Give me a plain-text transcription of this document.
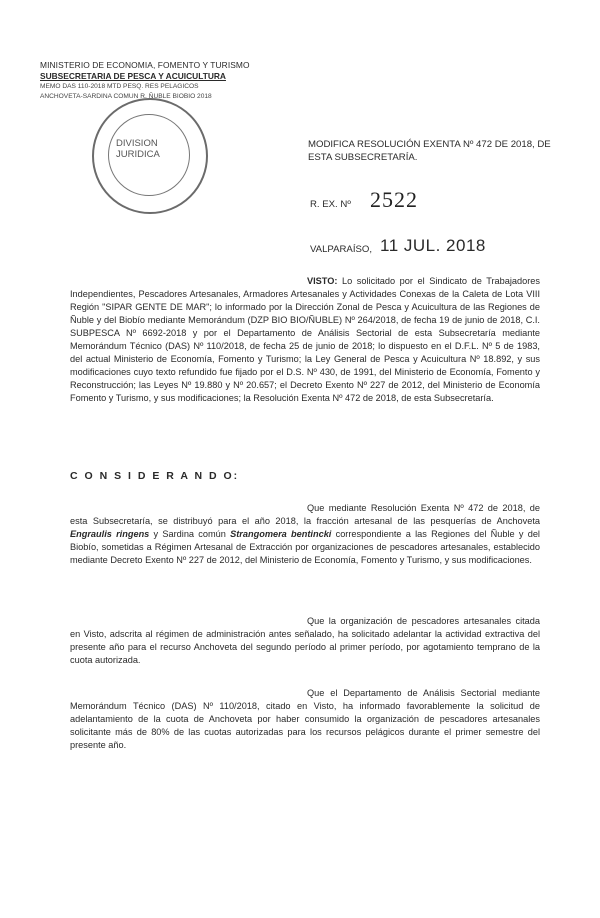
MINISTERIO DE ECONOMIA, FOMENTO Y TURISMO
SUBSECRETARIA DE PESCA Y ACUICULTURA
MEMO DAS 110-2018 MTD PESQ. RES PELAGICOS
ANCHOVETA-SARDINA COMUN R. ÑUBLE BIOBIO 2018
DIVISION
JURIDICA
MODIFICA RESOLUCIÓN EXENTA Nº 472 DE 2018, DE ESTA SUBSECRETARÍA.
R. EX. Nº 2522
VALPARAÍSO, 11 JUL. 2018
VISTO: Lo solicitado por el Sindicato de Trabajadores Independientes, Pescadores Artesanales, Armadores Artesanales y Actividades Conexas de la Caleta de Lota VIII Región "SIPAR GENTE DE MAR"; lo informado por la Dirección Zonal de Pesca y Acuicultura de las Regiones de Ñuble y del Biobío mediante Memorándum (DZP BIO BIO/ÑUBLE) Nº 264/2018, de fecha 19 de junio de 2018, C.I. SUBPESCA Nº 6692-2018 y por el Departamento de Análisis Sectorial de esta Subsecretaría mediante Memorándum Técnico (DAS) Nº 110/2018, de fecha 25 de junio de 2018; lo dispuesto en el D.F.L. Nº 5 de 1983, del actual Ministerio de Economía, Fomento y Turismo; la Ley General de Pesca y Acuicultura Nº 18.892, y sus modificaciones cuyo texto refundido fue fijado por el D.S. Nº 430, de 1991, del Ministerio de Economía, Fomento y Reconstrucción; las Leyes Nº 19.880 y Nº 20.657; el Decreto Exento Nº 227 de 2012, del Ministerio de Economía Fomento y Turismo, y sus modificaciones; la Resolución Exenta Nº 472 de 2018, de esta Subsecretaría.
C O N S I D E R A N D O:
Que mediante Resolución Exenta Nº 472 de 2018, de esta Subsecretaría, se distribuyó para el año 2018, la fracción artesanal de las pesquerías de Anchoveta Engraulis ringens y Sardina común Strangomera bentincki correspondiente a las Regiones del Ñuble y del Biobío, sometidas a Régimen Artesanal de Extracción por organizaciones de pescadores artesanales, establecido mediante Decreto Exento Nº 227 de 2012, del Ministerio de Economía, Fomento y Turismo, y sus modificaciones.
Que la organización de pescadores artesanales citada en Visto, adscrita al régimen de administración antes señalado, ha solicitado adelantar la actividad extractiva del presente año para el recurso Anchoveta del segundo período al primer período, por agotamiento temprano de la cuota autorizada.
Que el Departamento de Análisis Sectorial mediante Memorándum Técnico (DAS) Nº 110/2018, citado en Visto, ha informado favorablemente la solicitud de adelantamiento de la cuota de Anchoveta por haber consumido la organización de pescadores artesanales solicitante más de 80% de las cuotas autorizadas para los recursos pelágicos durante el primer semestre del presente año.
